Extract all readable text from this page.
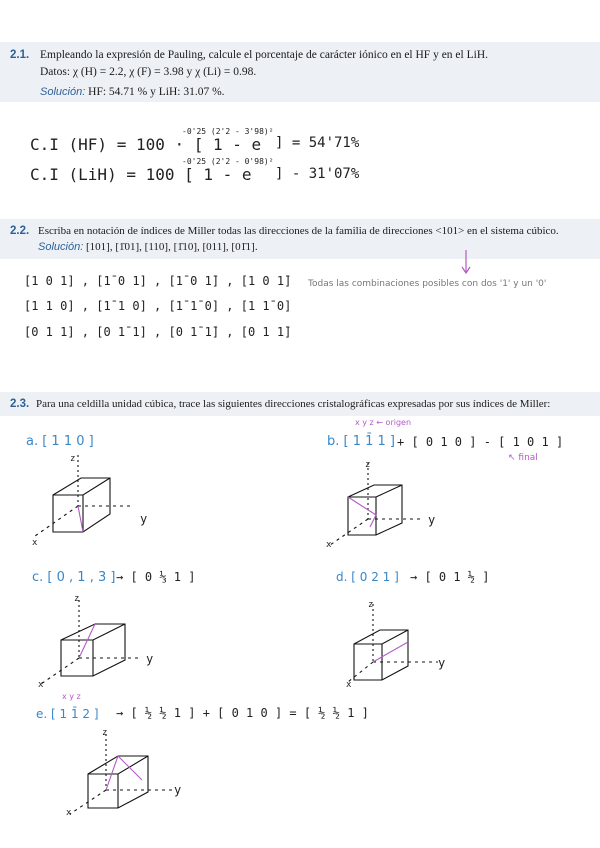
2.1. Empleando la expresión de Pauling, calcule el porcentaje de carácter iónico en el HF y en el LiH.
Datos: χ (H) = 2.2, χ (F) = 3.98 y χ (Li) = 0.98.
Solución: HF: 54.71 % y LiH: 31.07 %.
C.I (HF) = 100 · [ 1 - e
-0'25 (2'2 - 3'98)²
] = 54'71%
C.I (LiH) = 100 [ 1 - e
-0'25 (2'2 - 0'98)²
] - 31'07%
2.2. Escriba en notación de índices de Miller todas las direcciones de la familia de direcciones <101> en el sistema cúbico.
Solución: [101], [1̄01], [110], [1̄10], [011], [01̄1].
[1 0 1] , [1̄ 0 1] , [1̄ 0 1̄] , [1 0 1̄]
[1 1 0] , [1̄ 1 0] , [1̄ 1̄ 0] , [1 1̄ 0]
[0 1 1] , [0 1̄ 1] , [0 1̄ 1̄] , [0 1 1̄]
Todas las combinaciones posibles con dos '1' y un '0'
2.3. Para una celdilla unidad cúbica, trace las siguientes direcciones cristalográficas expresadas por sus índices de Miller:
a. [ 1 1 0 ]
z
y
x
x y z ← origen
b. [ 1 1̄ 1 ] + [ 0 1 0 ] - [ 1 0 1 ]
↖ final
z
y
x
c. [ 0 , 1 , 3 ] → [ 0 ⅓ 1 ]
z
y
x
d. [ 0 2 1 ] → [ 0 1 ½ ]
z
y
x
x y z
e. [ 1 1̄ 2 ] → [ ½ ½ 1 ] + [ 0 1 0 ] = [ ½ ½ 1 ]
z
y
x
